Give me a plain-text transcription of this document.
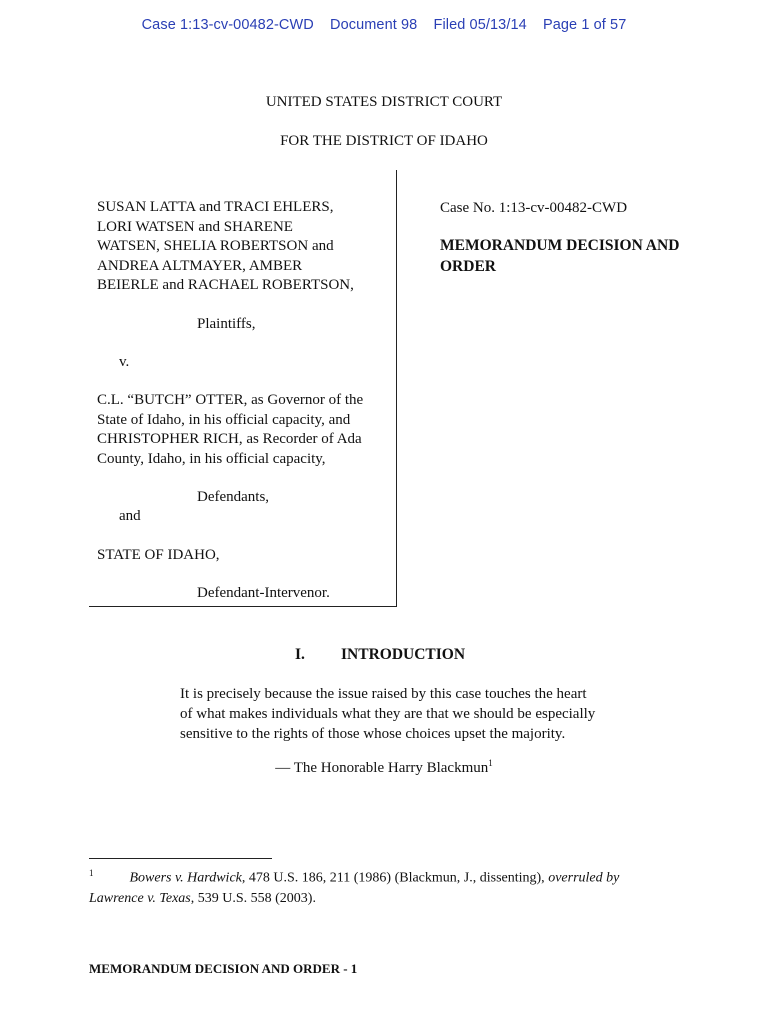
Case 1:13-cv-00482-CWD Document 98 Filed 05/13/14 Page 1 of 57
UNITED STATES DISTRICT COURT
FOR THE DISTRICT OF IDAHO
SUSAN LATTA and TRACI EHLERS,
LORI WATSEN and SHARENE
WATSEN, SHELIA ROBERTSON and
ANDREA ALTMAYER, AMBER
BEIERLE and RACHAEL ROBERTSON,
Plaintiffs,
v.
C.L. “BUTCH” OTTER, as Governor of the
State of Idaho, in his official capacity, and
CHRISTOPHER RICH, as Recorder of Ada
County, Idaho, in his official capacity,
Defendants,
and
STATE OF IDAHO,
Defendant-Intervenor.
Case No. 1:13-cv-00482-CWD
MEMORANDUM DECISION AND
ORDER
I. INTRODUCTION
It is precisely because the issue raised by this case touches the heart
of what makes individuals what they are that we should be especially
sensitive to the rights of those whose choices upset the majority.
— The Honorable Harry Blackmun$^1$
$^1$	Bowers v. Hardwick, 478 U.S. 186, 211 (1986) (Blackmun, J., dissenting), overruled by
Lawrence v. Texas, 539 U.S. 558 (2003).
MEMORANDUM DECISION AND ORDER - 1
